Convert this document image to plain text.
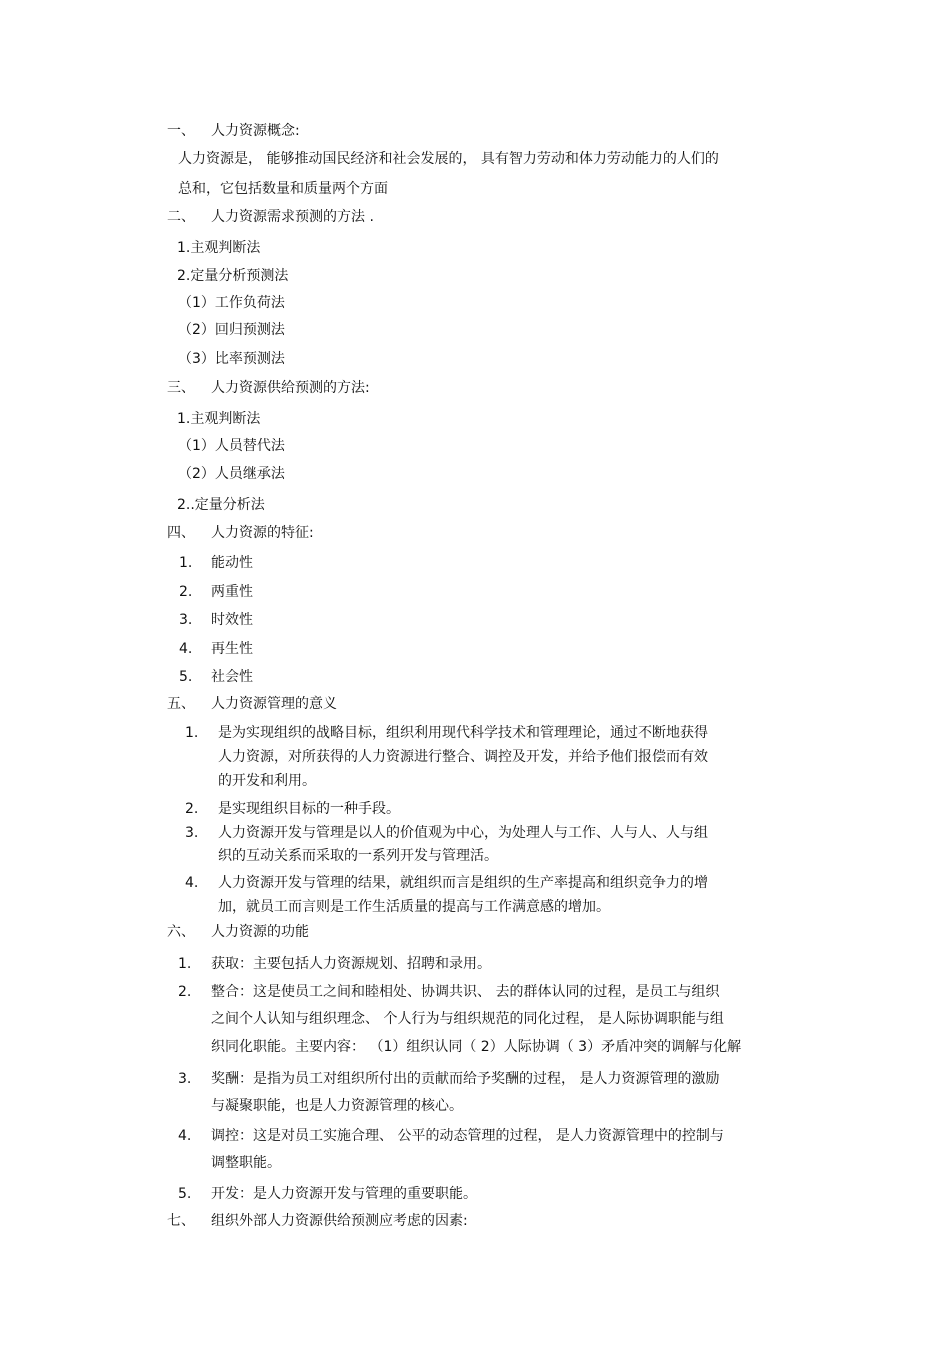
一、 人力资源概念:
人力资源是， 能够推动国民经济和社会发展的， 具有智力劳动和体力劳动能力的人们的
总和，它包括数量和质量两个方面
二、 人力资源需求预测的方法 .
1.主观判断法
2.定量分析预测法
（1）工作负荷法
（2）回归预测法
（3）比率预测法
三、 人力资源供给预测的方法:
1.主观判断法
（1）人员替代法
（2）人员继承法
2..定量分析法
四、 人力资源的特征:
1. 能动性
2. 两重性
3. 时效性
4. 再生性
5. 社会性
五、 人力资源管理的意义
1. 是为实现组织的战略目标，组织利用现代科学技术和管理理论，通过不断地获得
人力资源，对所获得的人力资源进行整合、调控及开发，并给予他们报偿而有效
的开发和利用。
2. 是实现组织目标的一种手段。
3. 人力资源开发与管理是以人的价值观为中心，为处理人与工作、人与人、人与组
织的互动关系而采取的一系列开发与管理活。
4. 人力资源开发与管理的结果，就组织而言是组织的生产率提高和组织竞争力的增
加，就员工而言则是工作生活质量的提高与工作满意感的增加。
六、 人力资源的功能
1. 获取：主要包括人力资源规划、招聘和录用。
2. 整合：这是使员工之间和睦相处、协调共识、 去的群体认同的过程，是员工与组织
之间个人认知与组织理念、 个人行为与组织规范的同化过程， 是人际协调职能与组
织同化职能。主要内容： （1）组织认同（ 2）人际协调（ 3）矛盾冲突的调解与化解
3. 奖酬：是指为员工对组织所付出的贡献而给予奖酬的过程， 是人力资源管理的激励
与凝聚职能，也是人力资源管理的核心。
4. 调控：这是对员工实施合理、 公平的动态管理的过程， 是人力资源管理中的控制与
调整职能。
5. 开发：是人力资源开发与管理的重要职能。
七、 组织外部人力资源供给预测应考虑的因素:
